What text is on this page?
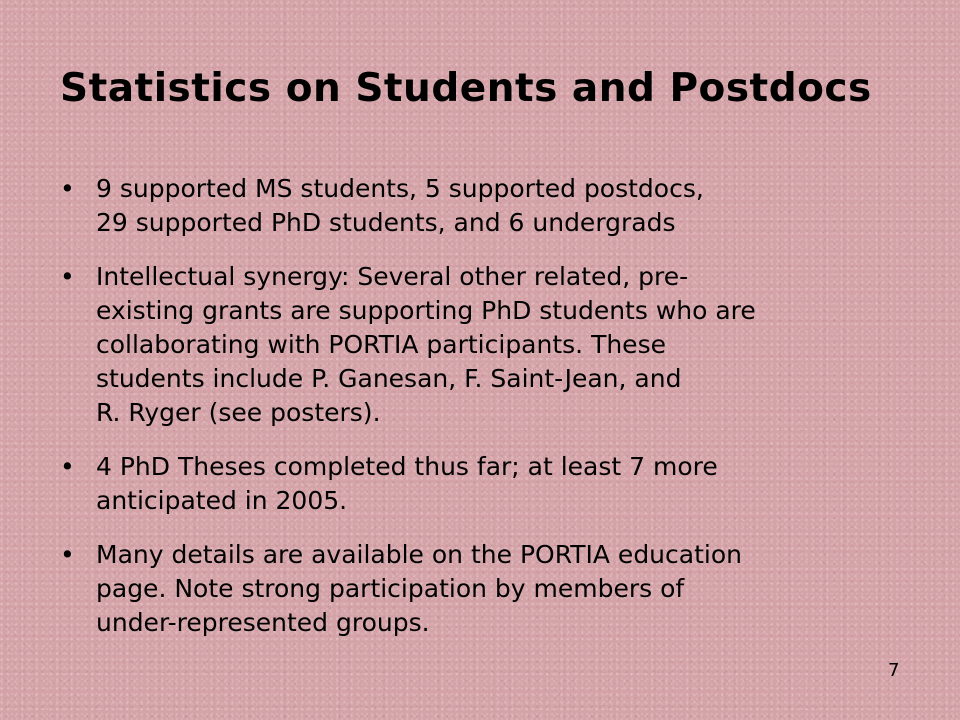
Statistics on Students and Postdocs
• 9 supported MS students, 5 supported postdocs,
29 supported PhD students, and 6 undergrads
• Intellectual synergy: Several other related, pre-
existing grants are supporting PhD students who are
collaborating with PORTIA participants. These
students include P. Ganesan, F. Saint-Jean, and
R. Ryger (see posters).
• 4 PhD Theses completed thus far; at least 7 more
anticipated in 2005.
• Many details are available on the PORTIA education
page. Note strong participation by members of
under-represented groups.
7
